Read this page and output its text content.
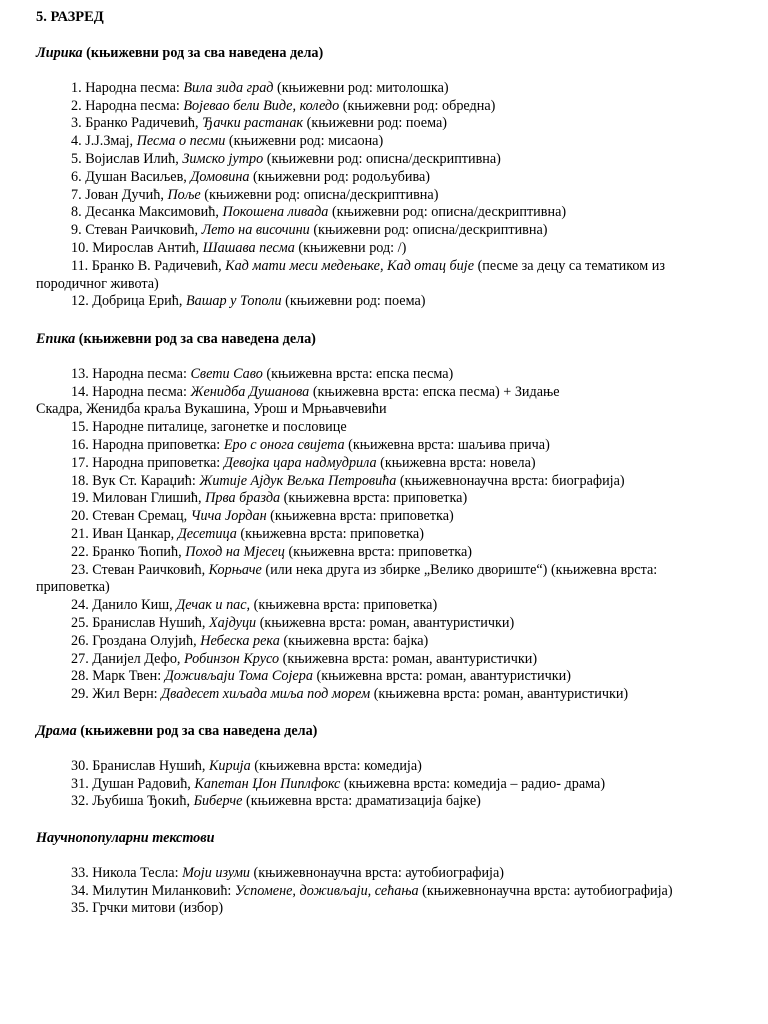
5. РАЗРЕД

Лирика (књижевни род за сва наведена дела)

1. Народна песма: Вила зида град (књижевни род: митолошка)
2. Народна песма: Војевао бели Виде, коледо (књижевни род: обредна)
3. Бранко Радичевић, Ђачки растанак (књижевни род: поема)
4. Ј.Ј.Змај, Песма о песми (књижевни род: мисаона)
5. Војислав Илић, Зимско јутро (књижевни род: описна/дескриптивна)
6. Душан Васиљев, Домовина (књижевни род: родољубива)
7. Јован Дучић, Поље (књижевни род: описна/дескриптивна)
8. Десанка Максимовић, Покошена ливада (књижевни род: описна/дескриптивна)
9. Стеван Раичковић, Лето на височини (књижевни род: описна/дескриптивна)
10. Мирослав Антић, Шашава песма (књижевни род: /)
11. Бранко В. Радичевић, Кад мати меси медењаке, Кад отац бије (песме за децу са тематиком из
породичног живота)
12. Добрица Ерић, Вашар у Тополи (књижевни род: поема)

Епика (књижевни род за сва наведена дела)

13. Народна песма: Свети Саво (књижевна врста: епска песма)
14. Народна песма: Женидба Душанова (књижевна врста: епска песма) + Зидање
Скадра, Женидба краља Вукашина, Урош и Мрњавчевићи
15. Народне питалице, загонетке и пословице
16. Народна приповетка: Еро с онога свијета (књижевна врста: шаљива прича)
17. Народна приповетка: Девојка цара надмудрила (књижевна врста: новела)
18. Вук Ст. Караџић: Житије Ајдук Вељка Петровића (књижевнонаучна врста: биографија)
19. Милован Глишић, Прва бразда (књижевна врста: приповетка)
20. Стеван Сремац, Чича Јордан (књижевна врста: приповетка)
21. Иван Цанкар, Десетица (књижевна врста: приповетка)
22. Бранко Ћопић, Поход на Мјесец (књижевна врста: приповетка)
23. Стеван Раичковић, Корњаче (или нека друга из збирке „Велико двориште“) (књижевна врста:
приповетка)
24. Данило Киш, Дечак и пас, (књижевна врста: приповетка)
25. Бранислав Нушић, Хајдуци (књижевна врста: роман, авантуристички)
26. Гроздана Олујић, Небеска река (књижевна врста: бајка)
27. Данијел Дефо, Робинзон Крусо (књижевна врста: роман, авантуристички)
28. Марк Твен: Доживљаји Тома Сојера (књижевна врста: роман, авантуристички)
29. Жил Верн: Двадесет хиљада миља под морем (књижевна врста: роман, авантуристички)

Драма (књижевни род за сва наведена дела)

30. Бранислав Нушић, Кирија (књижевна врста: комедија)
31. Душан Радовић, Капетан Џон Пиплфокс (књижевна врста: комедија – радио- драма)
32. Љубиша Ђокић, Биберче (књижевна врста: драматизација бајке)

Научнопопуларни текстови

33. Никола Тесла: Моји изуми (књижевнонаучна врста: аутобиографија)
34. Милутин Миланковић: Успомене, доживљаји, сећања (књижевнонаучна врста: аутобиографија)
35. Грчки митови (избор)
